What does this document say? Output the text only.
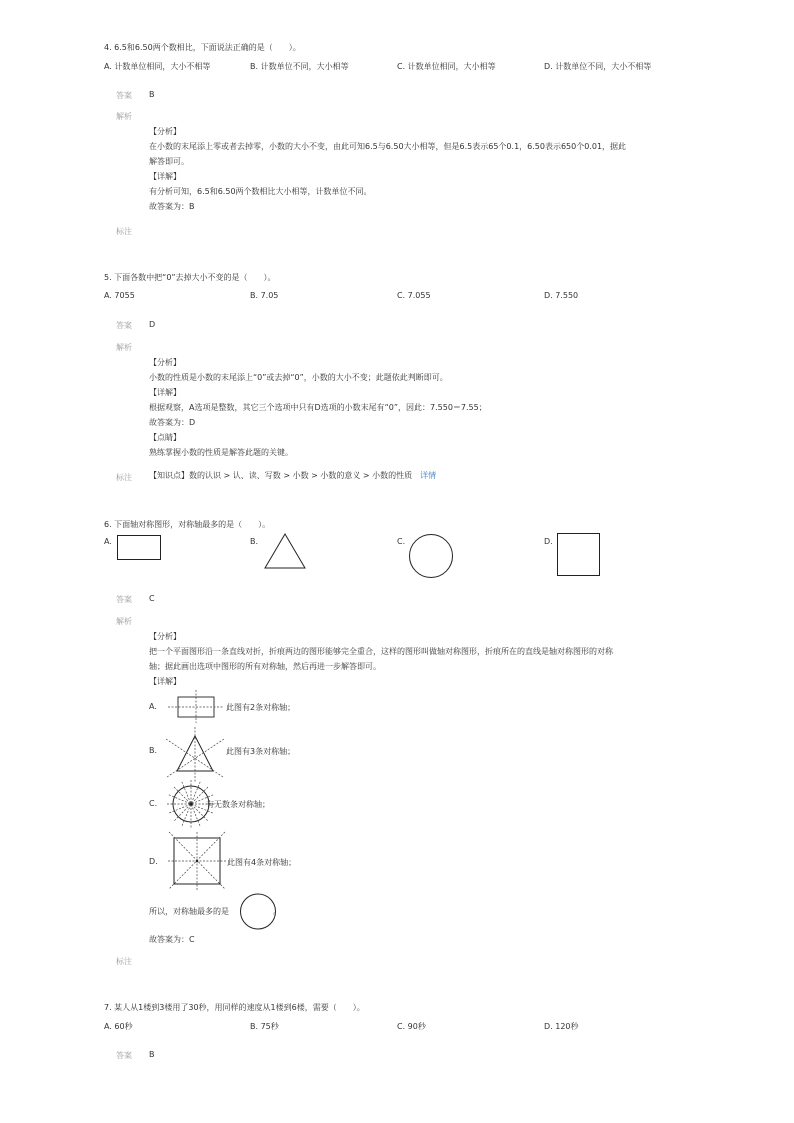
4. 6.5和6.50两个数相比，下面说法正确的是（　　）。
A. 计数单位相同，大小不相等	B. 计数单位不同，大小相等	C. 计数单位相同，大小相等	D. 计数单位不同，大小不相等
答案 B
解析
【分析】
在小数的末尾添上零或者去掉零，小数的大小不变，由此可知6.5与6.50大小相等，但是6.5表示65个0.1，6.50表示650个0.01，据此
解答即可。
【详解】
有分析可知，6.5和6.50两个数相比大小相等，计数单位不同。
故答案为：B
标注
5. 下面各数中把“0”去掉大小不变的是（　　）。
A. 7055	B. 7.05	C. 7.055	D. 7.550
答案 D
解析
【分析】
小数的性质是小数的末尾添上“0”或去掉“0”，小数的大小不变；此题依此判断即可。
【详解】
根据观察，A选项是整数，其它三个选项中只有D选项的小数末尾有“0”，因此：7.550＝7.55；
故答案为：D
【点睛】
熟练掌握小数的性质是解答此题的关键。
标注 【知识点】数的认识 > 认、读、写数 > 小数 > 小数的意义 > 小数的性质 详情
6. 下面轴对称图形，对称轴最多的是（　　）。
A.	B.	C.	D.
答案 C
解析
【分析】
把一个平面图形沿一条直线对折，折痕两边的图形能够完全重合，这样的图形叫做轴对称图形，折痕所在的直线是轴对称图形的对称
轴；据此画出选项中图形的所有对称轴，然后再进一步解答即可。
【详解】
A.	此图有2条对称轴；
B.	此图有3条对称轴；
C.	有无数条对称轴；
D.	此图有4条对称轴；
所以，对称轴最多的是	。
故答案为：C
标注
7. 某人从1楼到3楼用了30秒，用同样的速度从1楼到6楼，需要（　　）。
A. 60秒	B. 75秒	C. 90秒	D. 120秒
答案 B
